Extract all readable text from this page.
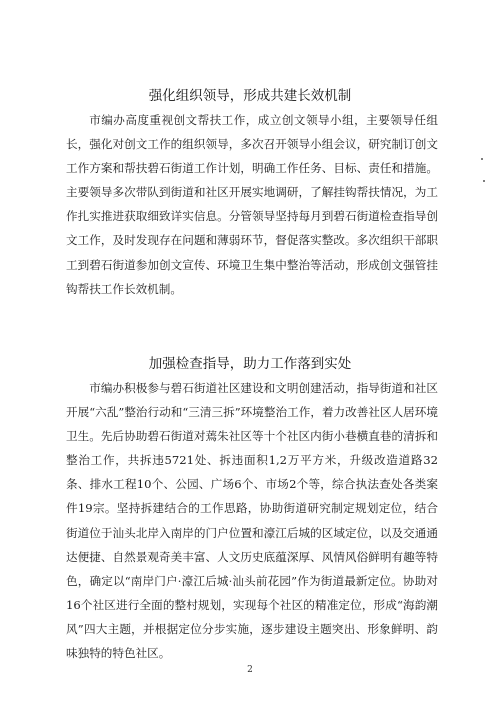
强化组织领导，形成共建长效机制

市编办高度重视创文帮扶工作，成立创文领导小组，主要领导任组长，强化对创文工作的组织领导，多次召开领导小组会议，研究制订创文工作方案和帮扶碧石街道工作计划，明确工作任务、目标、责任和措施。主要领导多次带队到街道和社区开展实地调研，了解挂钩帮扶情况，为工作扎实推进获取细致详实信息。分管领导坚持每月到碧石街道检查指导创文工作，及时发现存在问题和薄弱环节，督促落实整改。多次组织干部职工到碧石街道参加创文宣传、环境卫生集中整治等活动，形成创文强管挂钩帮扶工作长效机制。

加强检查指导，助力工作落到实处

市编办积极参与碧石街道社区建设和文明创建活动，指导街道和社区开展“六乱”整治行动和“三清三拆”环境整治工作，着力改善社区人居环境卫生。先后协助碧石街道对蔫朱社区等十个社区内街小巷横直巷的清拆和整治工作，共拆违5721处、拆违面积1,2万平方米，升级改造道路32条、排水工程10个、公园、广场6个、市场2个等，综合执法查处各类案件19宗。坚持拆建结合的工作思路，协助街道研究制定规划定位，结合街道位于汕头北岸入南岸的门户位置和濠江后城的区域定位，以及交通通达便捷、自然景观奇美丰富、人文历史底蕴深厚、风情风俗鲜明有趣等特色，确定以“南岸门户·濠江后城·汕头前花园”作为街道最新定位。协助对16个社区进行全面的整村规划，实现每个社区的精准定位，形成“海韵潮风”四大主题，并根据定位分步实施，逐步建设主题突出、形象鲜明、韵味独特的特色社区。

2
